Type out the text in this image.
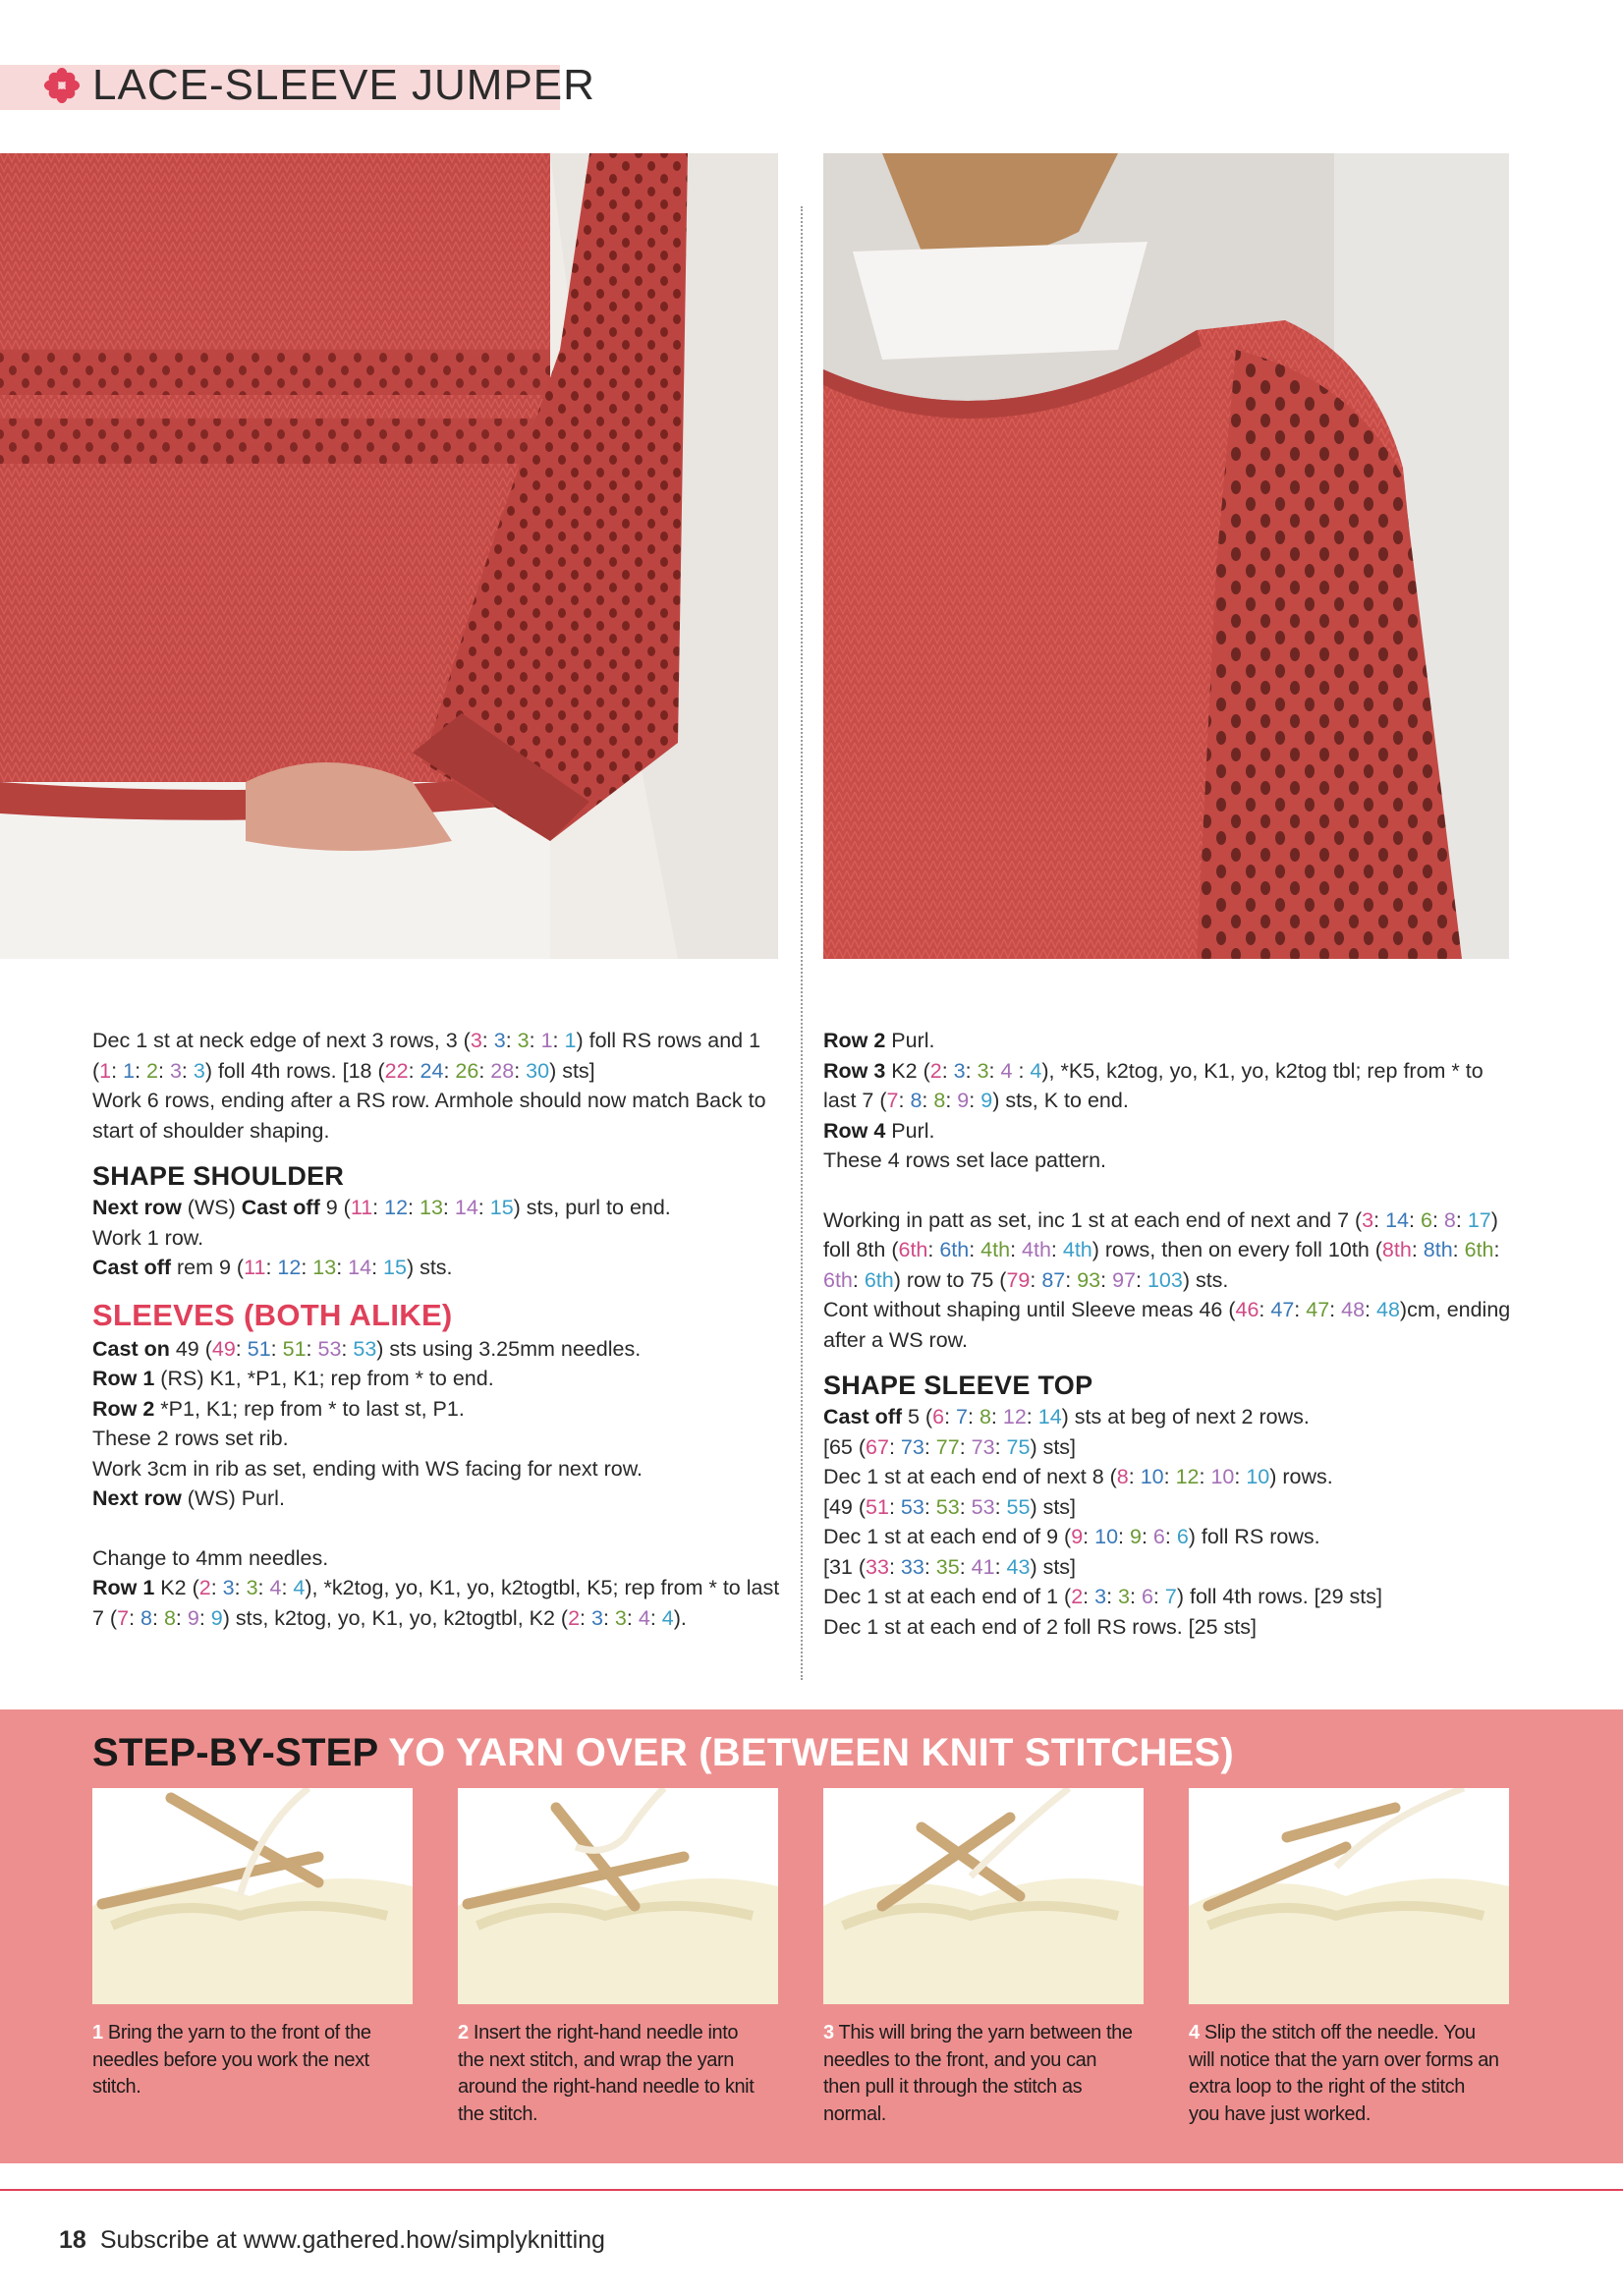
LACE-SLEEVE JUMPER

Dec 1 st at neck edge of next 3 rows, 3 (3: 3: 3: 1: 1) foll RS rows and 1 (1: 1: 2: 3: 3) foll 4th rows. [18 (22: 24: 26: 28: 30) sts]

Work 6 rows, ending after a RS row. Armhole should now match Back to start of shoulder shaping.

SHAPE SHOULDER

Next row (WS) Cast off 9 (11: 12: 13: 14: 15) sts, purl to end.

Work 1 row.

Cast off rem 9 (11: 12: 13: 14: 15) sts.

SLEEVES (BOTH ALIKE)

Cast on 49 (49: 51: 51: 53: 53) sts using 3.25mm needles.

Row 1 (RS) K1, *P1, K1; rep from * to end.

Row 2 *P1, K1; rep from * to last st, P1.

These 2 rows set rib.

Work 3cm in rib as set, ending with WS facing for next row.

Next row (WS) Purl.

Change to 4mm needles.

Row 1 K2 (2: 3: 3: 4: 4), *k2tog, yo, K1, yo, k2togtbl, K5; rep from * to last 7 (7: 8: 8: 9: 9) sts, k2tog, yo, K1, yo, k2togtbl, K2 (2: 3: 3: 4: 4).

Row 2 Purl.

Row 3 K2 (2: 3: 3: 4 : 4), *K5, k2tog, yo, K1, yo, k2tog tbl; rep from * to last 7 (7: 8: 8: 9: 9) sts, K to end.

Row 4 Purl.

These 4 rows set lace pattern.

Working in patt as set, inc 1 st at each end of next and 7 (3: 14: 6: 8: 17) foll 8th (6th: 6th: 4th: 4th: 4th) rows, then on every foll 10th (8th: 8th: 6th: 6th: 6th) row to 75 (79: 87: 93: 97: 103) sts.

Cont without shaping until Sleeve meas 46 (46: 47: 47: 48: 48)cm, ending after a WS row.

SHAPE SLEEVE TOP

Cast off 5 (6: 7: 8: 12: 14) sts at beg of next 2 rows.

[65 (67: 73: 77: 73: 75) sts]

Dec 1 st at each end of next 8 (8: 10: 12: 10: 10) rows.

[49 (51: 53: 53: 53: 55) sts]

Dec 1 st at each end of 9 (9: 10: 9: 6: 6) foll RS rows.

[31 (33: 33: 35: 41: 43) sts]

Dec 1 st at each end of 1 (2: 3: 3: 6: 7) foll 4th rows. [29 sts]

Dec 1 st at each end of 2 foll RS rows. [25 sts]

STEP-BY-STEP YO YARN OVER (BETWEEN KNIT STITCHES)
1 Bring the yarn to the front of the needles before you work the next stitch.
2 Insert the right-hand needle into the next stitch, and wrap the yarn around the right-hand needle to knit the stitch.
3 This will bring the yarn between the needles to the front, and you can then pull it through the stitch as normal.
4 Slip the stitch off the needle. You will notice that the yarn over forms an extra loop to the right of the stitch you have just worked.
18 Subscribe at www.gathered.how/simplyknitting
